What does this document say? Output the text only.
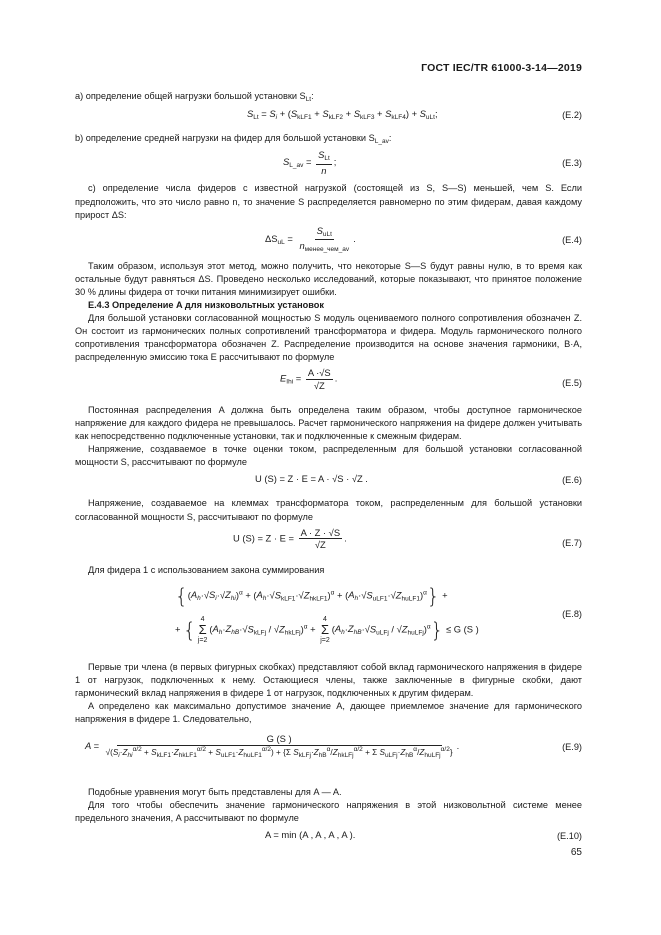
ГОСТ IEC/TR 61000-3-14—2019

а) определение общей нагрузки большой установки $S_{Lt}$:

$S_{Lt} = S_i + (S_{kLF1} + S_{kLF2} + S_{kLF3} + S_{kLF4}) + S_{uLt}$;	(E.2)

b) определение средней нагрузки на фидер для большой установки $S_{L\_av}$:

$S_{L\_av} = \frac{S_{Lt}}{n}$ ;	(E.3)

c) определение числа фидеров с известной нагрузкой (состоящей из S, S—S) меньшей, чем S. Если предположить, что это число равно n, то значение S распределяется равномерно по этим фидерам, давая каждому прирост ΔS:

$\Delta S_{uL} = \frac{S_{uLt}}{n_{менее\_чем\_av}}$ .	(E.4)

Таким образом, используя этот метод, можно получить, что некоторые S—S будут равны нулю, в то время как остальные будут равняться ΔS. Проведено несколько исследований, которые показывают, что принятое положение 30 % длины фидера от точки питания минимизирует ошибки.

E.4.3 Определение A для низковольтных установок

Для большой установки согласованной мощностью S модуль оцениваемого полного сопротивления обозначен Z. Он состоит из гармонических полных сопротивлений трансформатора и фидера. Модуль гармонического полного сопротивления трансформатора обозначен Z. Распределение производится на основе значения гармоники, В·А, распределенную эмиссию тока E рассчитывают по формуле

$E_{Ihi} = \frac{A \cdot√S}{√Z}$ .	(E.5)

Постоянная распределения A должна быть определена таким образом, чтобы доступное гармоническое напряжение для каждого фидера не превышалось. Расчет гармонического напряжения на фидере должен учитывать как непосредственно подключенные установки, так и подключенные к смежным фидерам.

Напряжение, создаваемое в точке оценки током, распределенным для большой установки согласованной мощности S, рассчитывают по формуле

U (S) = Z · E = A · √S · √Z .	(E.6)

Напряжение, создаваемое на клеммах трансформатора током, распределенным для большой установки согласованной мощности S, рассчитывают по формуле

U $(S) = Z \cdot E = \frac{A \cdot Z \cdot √S}{√Z}$ .	(E.7)

Для фидера 1 с использованием закона суммирования

$\{(A_h\cdot√S_i\cdot√Z_{hi})^\alpha + (A_h\cdot√S_{kLF1}\cdot√Z_{hkLF1})^\alpha + (A_h\cdot√S_{uLF1}\cdot√Z_{huLF1})^\alpha\}$ +
+ { 4
Σ
j=2
$(A_h\cdot Z_{hB}\cdot√S_{kLFj} / √Z_{hkLFj})^\alpha$ +
4
Σ
j=2
$(A_h\cdot Z_{hB}\cdot√S_{uLFj} / √Z_{huLFj})^\alpha\} \le G$ (S )
(E.8)

Первые три члена (в первых фигурных скобках) представляют собой вклад гармонического напряжения в фидере 1 от нагрузок, подключенных к нему. Остающиеся члены, также заключенные в фигурные скобки, дают гармонический вклад напряжения в фидере 1 от нагрузок, подключенных к другим фидерам.

A определено как максимально допустимое значение A, дающее приемлемое значение для гармонического напряжения в фидере 1. Следовательно,

A =
G (S )
$√(S_i\cdot Z_{hi}^{\alpha/2} + S_{kLF1}\cdot Z_{hkLF1}^{\alpha/2} + S_{uLF1}\cdot Z_{huLF1}^{\alpha/2}) + \{\Sigma$ $S_{kLFj}\cdot Z_{hB}^\alpha/Z_{hkLFj}^{\alpha/2} + \Sigma$ $S_{uLFj}\cdot Z_{hB}^\alpha/Z_{huLFj}^{\alpha/2}$}
.	(E.9)

Подобные уравнения могут быть представлены для A — A.

Для того чтобы обеспечить значение гармонического напряжения в этой низковольтной системе менее предельного значения, A рассчитывают по формуле

A = min (A , A , A , A ).	(E.10)
65
